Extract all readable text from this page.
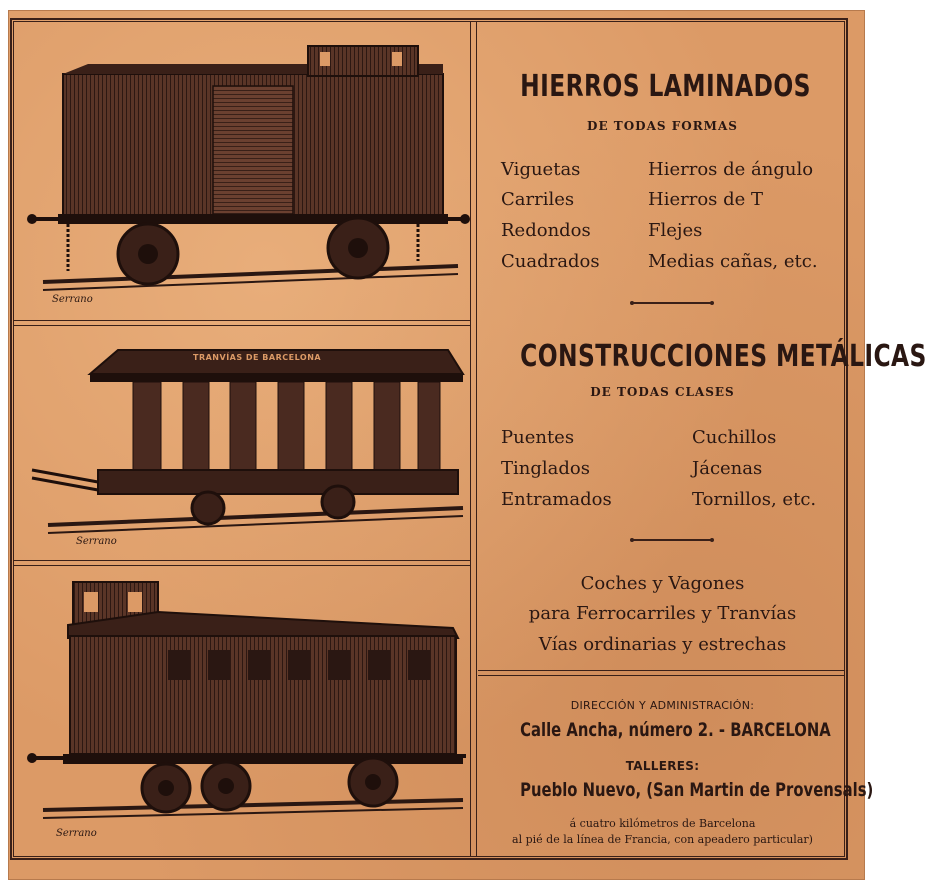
Serrano
TRANVÍAS DE BARCELONA
Serrano
Serrano
HIERROS LAMINADOS
DE TODAS FORMAS
Viguetas
Carriles
Redondos
Cuadrados
Hierros de ángulo
Hierros de T
Flejes
Medias cañas, etc.
CONSTRUCCIONES METÁLICAS
DE TODAS CLASES
Puentes
Tinglados
Entramados
Cuchillos
Jácenas
Tornillos, etc.
Coches y Vagones
para Ferrocarriles y Tranvías
Vías ordinarias y estrechas
DIRECCIÓN Y ADMINISTRACIÓN:
Calle Ancha, número 2. - BARCELONA
TALLERES:
Pueblo Nuevo, (San Martin de Provensals)
á cuatro kilómetros de Barcelona
al pié de la línea de Francia, con apeadero particular)
